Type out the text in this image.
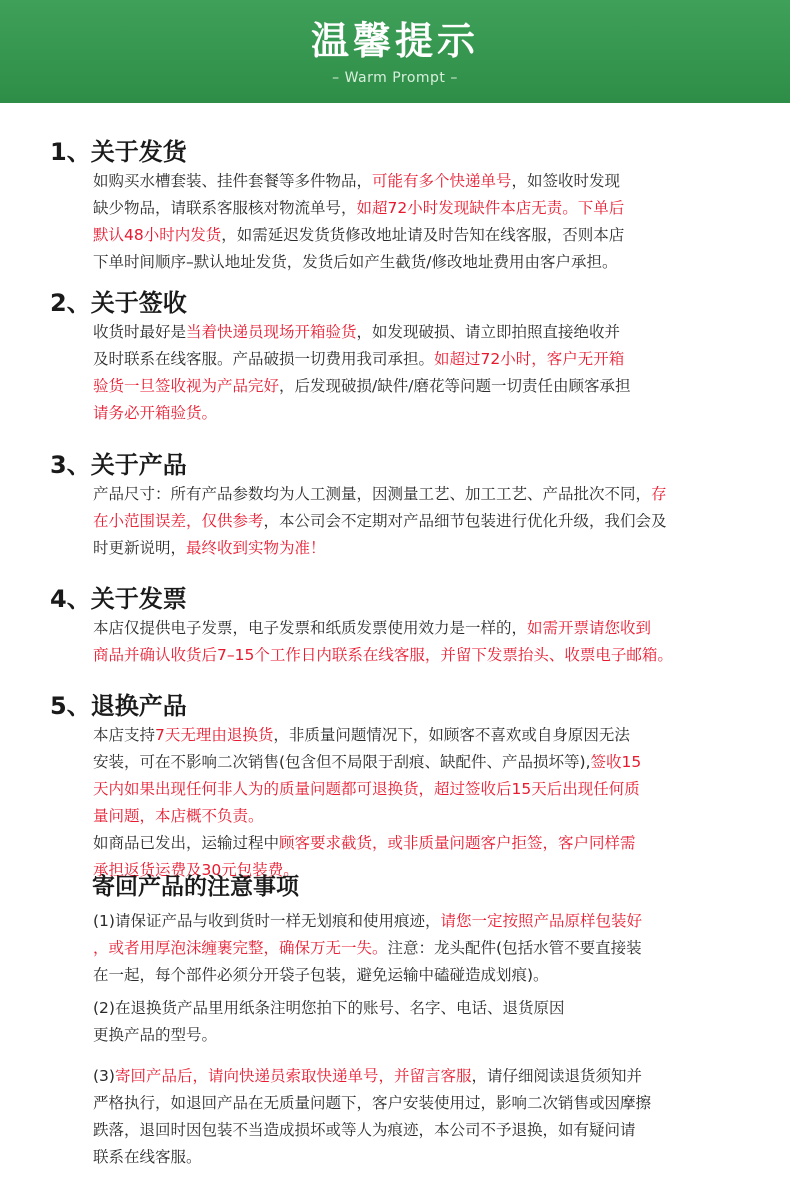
温馨提示
– Warm Prompt –
1、关于发货
如购买水槽套装、挂件套餐等多件物品，可能有多个快递单号，如签收时发现
缺少物品，请联系客服核对物流单号，如超72小时发现缺件本店无责。下单后
默认48小时内发货，如需延迟发货货修改地址请及时告知在线客服，否则本店
下单时间顺序–默认地址发货，发货后如产生截货/修改地址费用由客户承担。
2、关于签收
收货时最好是当着快递员现场开箱验货，如发现破损、请立即拍照直接绝收并
及时联系在线客服。产品破损一切费用我司承担。如超过72小时，客户无开箱
验货一旦签收视为产品完好，后发现破损/缺件/磨花等问题一切责任由顾客承担
请务必开箱验货。
3、关于产品
产品尺寸：所有产品参数均为人工测量，因测量工艺、加工工艺、产品批次不同，存
在小范围误差，仅供参考，本公司会不定期对产品细节包装进行优化升级，我们会及
时更新说明，最终收到实物为准！
4、关于发票
本店仅提供电子发票，电子发票和纸质发票使用效力是一样的，如需开票请您收到
商品并确认收货后7–15个工作日内联系在线客服，并留下发票抬头、收票电子邮箱。
5、退换产品
本店支持7天无理由退换货，非质量问题情况下，如顾客不喜欢或自身原因无法
安装，可在不影响二次销售(包含但不局限于刮痕、缺配件、产品损坏等),签收15
天内如果出现任何非人为的质量问题都可退换货，超过签收后15天后出现任何质
量问题，本店概不负责。
如商品已发出，运输过程中顾客要求截货，或非质量问题客户拒签，客户同样需
承担返货运费及30元包装费。
寄回产品的注意事项
(1)请保证产品与收到货时一样无划痕和使用痕迹，请您一定按照产品原样包装好
，或者用厚泡沫缠裹完整，确保万无一失。注意：龙头配件(包括水管不要直接装
在一起，每个部件必须分开袋子包装，避免运输中磕碰造成划痕)。
(2)在退换货产品里用纸条注明您拍下的账号、名字、电话、退货原因
更换产品的型号。
(3)寄回产品后，请向快递员索取快递单号，并留言客服，请仔细阅读退货须知并
严格执行，如退回产品在无质量问题下，客户安装使用过，影响二次销售或因摩擦
跌落，退回时因包装不当造成损坏或等人为痕迹，本公司不予退换，如有疑问请
联系在线客服。
